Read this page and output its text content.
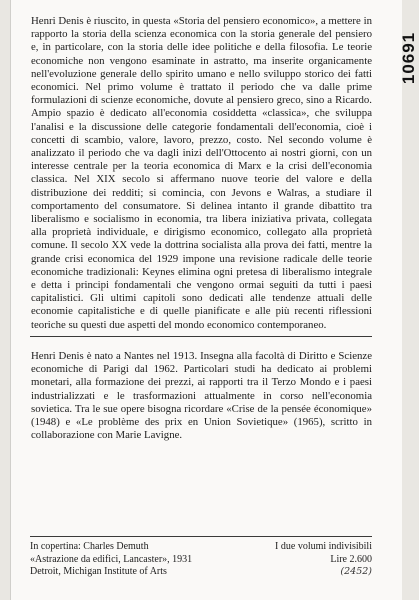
10691

Henri Denis è riuscito, in questa «Storia del pensiero economico», a mettere in rapporto la storia della scienza economica con la storia generale del pensiero e, in particolare, con la storia delle idee politiche e della filosofia. Le teorie economiche non vengono esaminate in astratto, ma inserite organicamente nell'evoluzione generale dello spirito umano e nello sviluppo storico dei fatti economici. Nel primo volume è trattato il periodo che va dalle prime formulazioni di scienze economiche, dovute al pensiero greco, sino a Ricardo. Ampio spazio è dedicato all'economia cosiddetta «classica», che sviluppa l'analisi e la discussione delle categorie fondamentali dell'economia, cioè i concetti di scambio, valore, lavoro, prezzo, costo. Nel secondo volume è analizzato il periodo che va dagli inizi dell'Ottocento ai nostri giorni, con un interesse centrale per la teoria economica di Marx e la crisi dell'economia classica. Nel XIX secolo si affermano nuove teorie del valore e della distribuzione dei redditi; si comincia, con Jevons e Walras, a studiare il comportamento del consumatore. Si delinea intanto il grande dibattito tra liberalismo e socialismo in economia, tra libera iniziativa privata, collegata alla proprietà individuale, e dirigismo economico, collegato alla proprietà comune. Il secolo XX vede la dottrina socialista alla prova dei fatti, mentre la grande crisi economica del 1929 impone una revisione radicale delle teorie economiche tradizionali: Keynes elimina ogni pretesa di liberalismo integrale e detta i principi fondamentali che vengono ormai seguiti da tutti i paesi capitalistici. Gli ultimi capitoli sono dedicati alle tendenze attuali delle economie capitalistiche e di quelle pianificate e alle più recenti riflessioni teoriche su questi due aspetti del mondo economico contemporaneo.

Henri Denis è nato a Nantes nel 1913. Insegna alla facoltà di Diritto e Scienze economiche di Parigi dal 1962. Particolari studi ha dedicato ai problemi monetari, alla formazione dei prezzi, ai rapporti tra il Terzo Mondo e i paesi industrializzati e le trasformazioni attualmente in corso nell'economia sovietica. Tra le sue opere bisogna ricordare «Crise de la pensée économique» (1948) e «Le problème des prix en Union Sovietique» (1965), scritto in collaborazione con Marie Lavigne.

In copertina: Charles Demuth
«Astrazione da edifici, Lancaster», 1931
Detroit, Michigan Institute of Arts
I due volumi indivisibili
Lire 2.600
(2452)
